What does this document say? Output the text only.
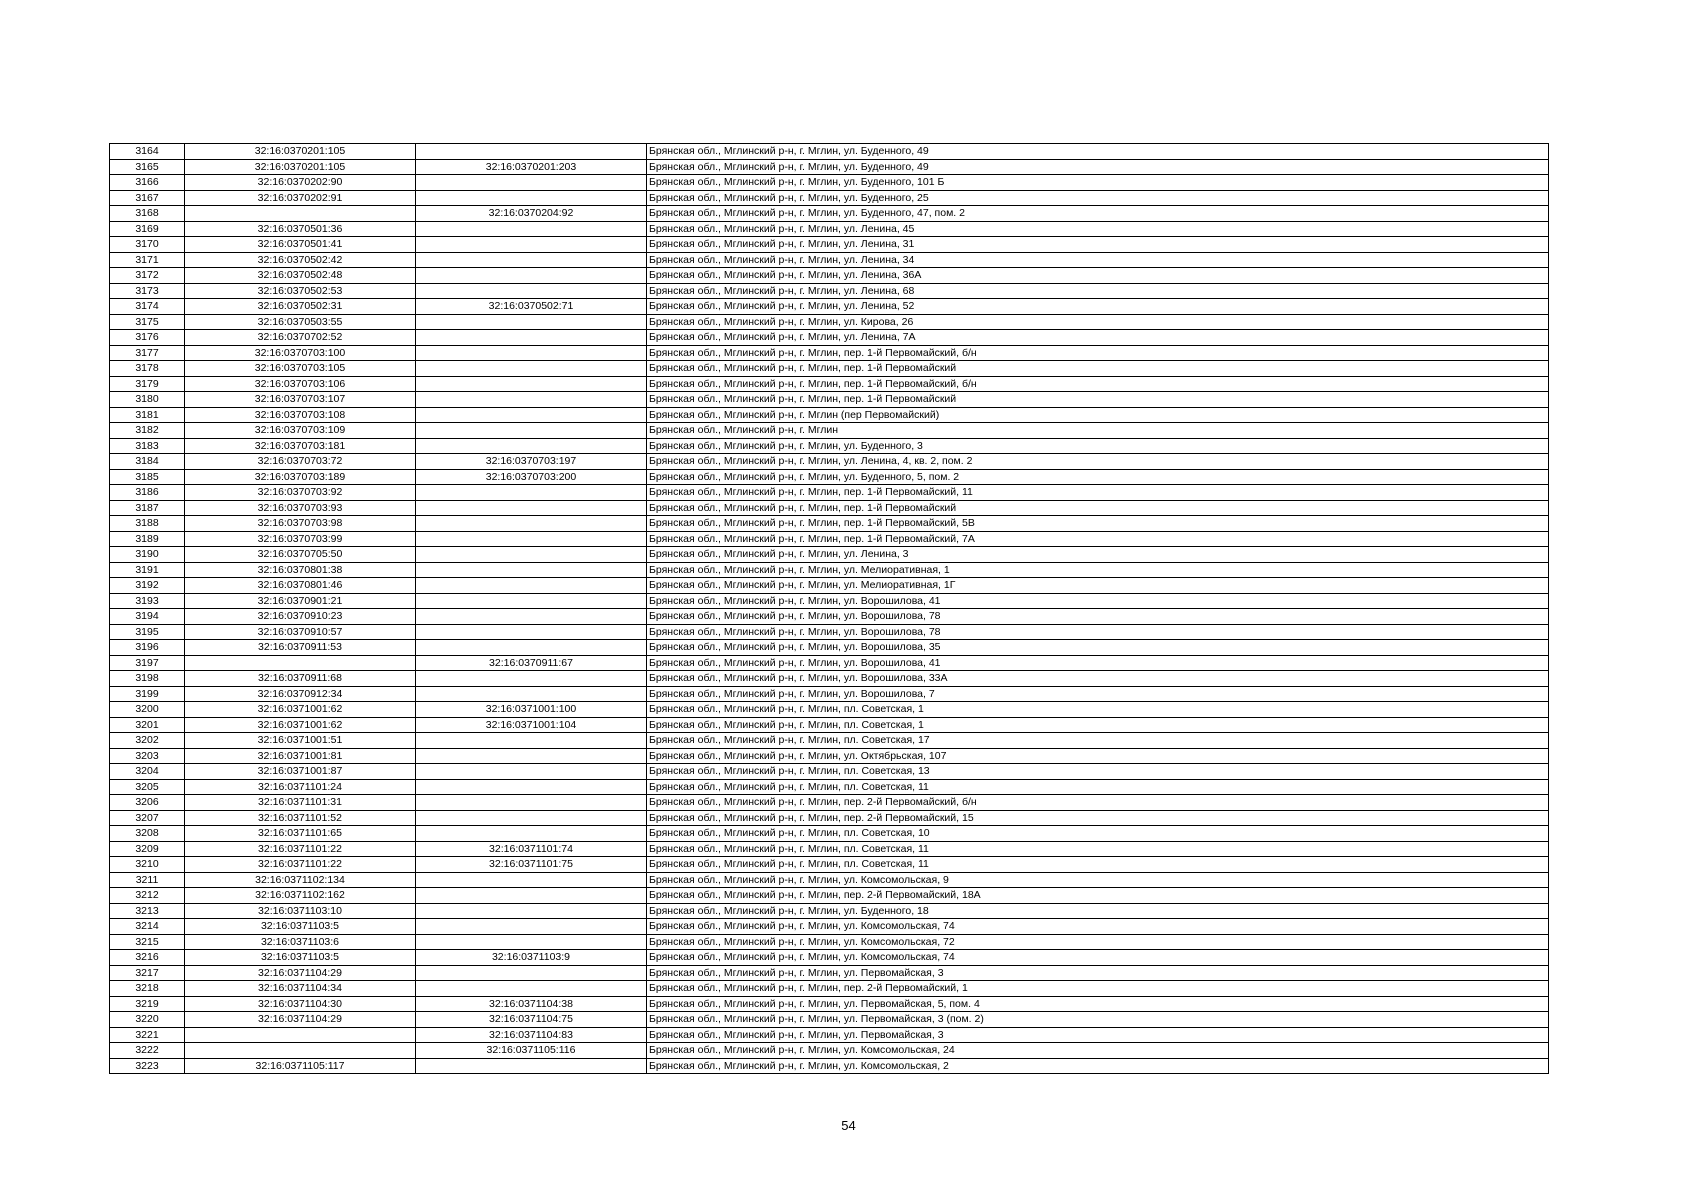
3164	32:16:0370201:105		Брянская обл., Мглинский р-н, г. Мглин, ул. Буденного, 49
3165	32:16:0370201:105	32:16:0370201:203	Брянская обл., Мглинский р-н, г. Мглин, ул. Буденного, 49
3166	32:16:0370202:90		Брянская обл., Мглинский р-н, г. Мглин, ул. Буденного, 101 Б
3167	32:16:0370202:91		Брянская обл., Мглинский р-н, г. Мглин, ул. Буденного, 25
3168		32:16:0370204:92	Брянская обл., Мглинский р-н, г. Мглин, ул. Буденного, 47, пом. 2
3169	32:16:0370501:36		Брянская обл., Мглинский р-н, г. Мглин, ул. Ленина, 45
3170	32:16:0370501:41		Брянская обл., Мглинский р-н, г. Мглин, ул. Ленина, 31
3171	32:16:0370502:42		Брянская обл., Мглинский р-н, г. Мглин, ул. Ленина, 34
3172	32:16:0370502:48		Брянская обл., Мглинский р-н, г. Мглин, ул. Ленина, 36А
3173	32:16:0370502:53		Брянская обл., Мглинский р-н, г. Мглин, ул. Ленина, 68
3174	32:16:0370502:31	32:16:0370502:71	Брянская обл., Мглинский р-н, г. Мглин, ул. Ленина, 52
3175	32:16:0370503:55		Брянская обл., Мглинский р-н, г. Мглин, ул. Кирова, 26
3176	32:16:0370702:52		Брянская обл., Мглинский р-н, г. Мглин, ул. Ленина, 7А
3177	32:16:0370703:100		Брянская обл., Мглинский р-н, г. Мглин, пер. 1-й Первомайский, б/н
3178	32:16:0370703:105		Брянская обл., Мглинский р-н, г. Мглин, пер. 1-й Первомайский
3179	32:16:0370703:106		Брянская обл., Мглинский р-н, г. Мглин, пер. 1-й Первомайский, б/н
3180	32:16:0370703:107		Брянская обл., Мглинский р-н, г. Мглин, пер. 1-й Первомайский
3181	32:16:0370703:108		Брянская обл., Мглинский р-н, г. Мглин (пер Первомайский)
3182	32:16:0370703:109		Брянская обл., Мглинский р-н, г. Мглин
3183	32:16:0370703:181		Брянская обл., Мглинский р-н, г. Мглин, ул. Буденного, 3
3184	32:16:0370703:72	32:16:0370703:197	Брянская обл., Мглинский р-н, г. Мглин, ул. Ленина, 4, кв. 2, пом. 2
3185	32:16:0370703:189	32:16:0370703:200	Брянская обл., Мглинский р-н, г. Мглин, ул. Буденного, 5, пом. 2
3186	32:16:0370703:92		Брянская обл., Мглинский р-н, г. Мглин, пер. 1-й Первомайский, 11
3187	32:16:0370703:93		Брянская обл., Мглинский р-н, г. Мглин, пер. 1-й Первомайский
3188	32:16:0370703:98		Брянская обл., Мглинский р-н, г. Мглин, пер. 1-й Первомайский, 5В
3189	32:16:0370703:99		Брянская обл., Мглинский р-н, г. Мглин, пер. 1-й Первомайский, 7А
3190	32:16:0370705:50		Брянская обл., Мглинский р-н, г. Мглин, ул. Ленина, 3
3191	32:16:0370801:38		Брянская обл., Мглинский р-н, г. Мглин, ул. Мелиоративная, 1
3192	32:16:0370801:46		Брянская обл., Мглинский р-н, г. Мглин, ул. Мелиоративная, 1Г
3193	32:16:0370901:21		Брянская обл., Мглинский р-н, г. Мглин, ул. Ворошилова, 41
3194	32:16:0370910:23		Брянская обл., Мглинский р-н, г. Мглин, ул. Ворошилова, 78
3195	32:16:0370910:57		Брянская обл., Мглинский р-н, г. Мглин, ул. Ворошилова, 78
3196	32:16:0370911:53		Брянская обл., Мглинский р-н, г. Мглин, ул. Ворошилова, 35
3197		32:16:0370911:67	Брянская обл., Мглинский р-н, г. Мглин, ул. Ворошилова, 41
3198	32:16:0370911:68		Брянская обл., Мглинский р-н, г. Мглин, ул. Ворошилова, 33А
3199	32:16:0370912:34		Брянская обл., Мглинский р-н, г. Мглин, ул. Ворошилова, 7
3200	32:16:0371001:62	32:16:0371001:100	Брянская обл., Мглинский р-н, г. Мглин, пл. Советская, 1
3201	32:16:0371001:62	32:16:0371001:104	Брянская обл., Мглинский р-н, г. Мглин, пл. Советская, 1
3202	32:16:0371001:51		Брянская обл., Мглинский р-н, г. Мглин, пл. Советская, 17
3203	32:16:0371001:81		Брянская обл., Мглинский р-н, г. Мглин, ул. Октябрьская, 107
3204	32:16:0371001:87		Брянская обл., Мглинский р-н, г. Мглин, пл. Советская, 13
3205	32:16:0371101:24		Брянская обл., Мглинский р-н, г. Мглин, пл. Советская, 11
3206	32:16:0371101:31		Брянская обл., Мглинский р-н, г. Мглин, пер. 2-й Первомайский, б/н
3207	32:16:0371101:52		Брянская обл., Мглинский р-н, г. Мглин, пер. 2-й Первомайский, 15
3208	32:16:0371101:65		Брянская обл., Мглинский р-н, г. Мглин, пл. Советская, 10
3209	32:16:0371101:22	32:16:0371101:74	Брянская обл., Мглинский р-н, г. Мглин, пл. Советская, 11
3210	32:16:0371101:22	32:16:0371101:75	Брянская обл., Мглинский р-н, г. Мглин, пл. Советская, 11
3211	32:16:0371102:134		Брянская обл., Мглинский р-н, г. Мглин, ул. Комсомольская, 9
3212	32:16:0371102:162		Брянская обл., Мглинский р-н, г. Мглин, пер. 2-й Первомайский, 18А
3213	32:16:0371103:10		Брянская обл., Мглинский р-н, г. Мглин, ул. Буденного, 18
3214	32:16:0371103:5		Брянская обл., Мглинский р-н, г. Мглин, ул. Комсомольская, 74
3215	32:16:0371103:6		Брянская обл., Мглинский р-н, г. Мглин, ул. Комсомольская, 72
3216	32:16:0371103:5	32:16:0371103:9	Брянская обл., Мглинский р-н, г. Мглин, ул. Комсомольская, 74
3217	32:16:0371104:29		Брянская обл., Мглинский р-н, г. Мглин, ул. Первомайская, 3
3218	32:16:0371104:34		Брянская обл., Мглинский р-н, г. Мглин, пер. 2-й Первомайский, 1
3219	32:16:0371104:30	32:16:0371104:38	Брянская обл., Мглинский р-н, г. Мглин, ул. Первомайская, 5, пом. 4
3220	32:16:0371104:29	32:16:0371104:75	Брянская обл., Мглинский р-н, г. Мглин, ул. Первомайская, 3 (пом. 2)
3221		32:16:0371104:83	Брянская обл., Мглинский р-н, г. Мглин, ул. Первомайская, 3
3222		32:16:0371105:116	Брянская обл., Мглинский р-н, г. Мглин, ул. Комсомольская, 24
3223	32:16:0371105:117		Брянская обл., Мглинский р-н, г. Мглин, ул. Комсомольская, 2
54
